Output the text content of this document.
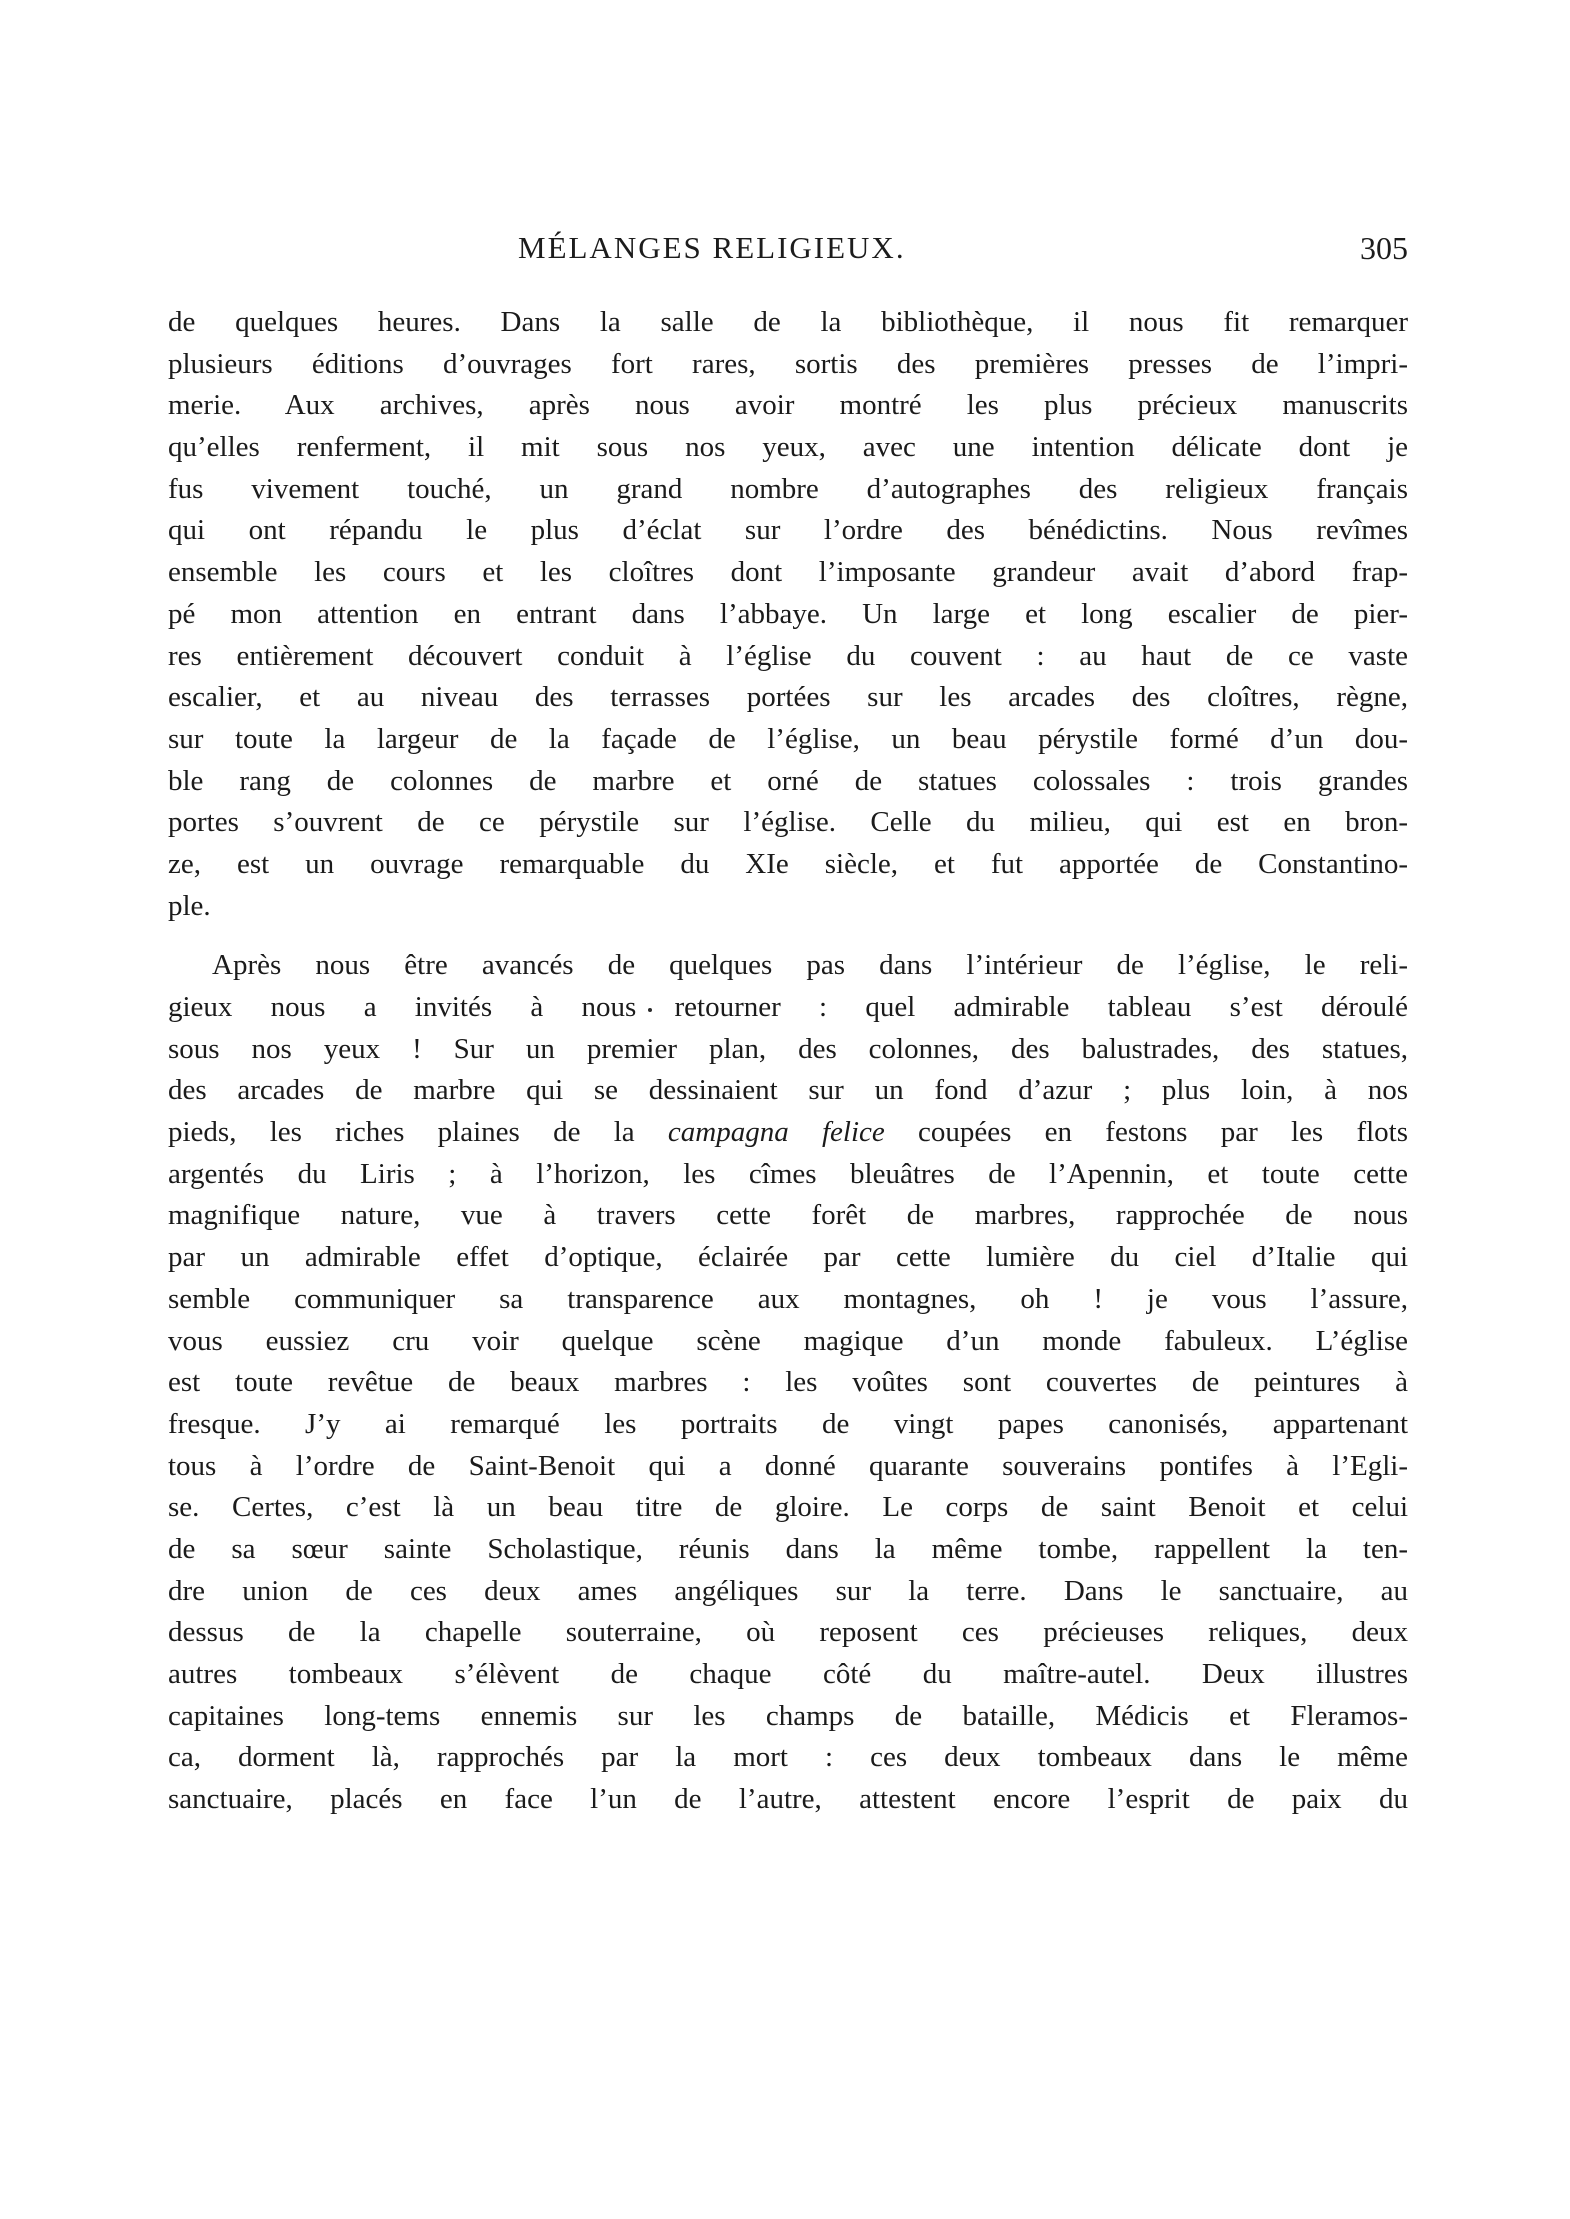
MÉLANGES RELIGIEUX.	305
de quelques heures. Dans la salle de la bibliothèque, il nous fit remarquer
plusieurs éditions d’ouvrages fort rares, sortis des premières presses de l’impri-
merie. Aux archives, après nous avoir montré les plus précieux manuscrits
qu’elles renferment, il mit sous nos yeux, avec une intention délicate dont je
fus vivement touché, un grand nombre d’autographes des religieux français
qui ont répandu le plus d’éclat sur l’ordre des bénédictins. Nous revîmes
ensemble les cours et les cloîtres dont l’imposante grandeur avait d’abord frap-
pé mon attention en entrant dans l’abbaye. Un large et long escalier de pier-
res entièrement découvert conduit à l’église du couvent : au haut de ce vaste
escalier, et au niveau des terrasses portées sur les arcades des cloîtres, règne,
sur toute la largeur de la façade de l’église, un beau pérystile formé d’un dou-
ble rang de colonnes de marbre et orné de statues colossales : trois grandes
portes s’ouvrent de ce pérystile sur l’église. Celle du milieu, qui est en bron-
ze, est un ouvrage remarquable du XIe siècle, et fut apportée de Constantino-
ple.
Après nous être avancés de quelques pas dans l’intérieur de l’église, le reli-
gieux nous a invités à nous retourner : quel admirable tableau s’est déroulé
sous nos yeux ! Sur un premier plan, des colonnes, des balustrades, des statues,
des arcades de marbre qui se dessinaient sur un fond d’azur ; plus loin, à nos
pieds, les riches plaines de la campagna felice coupées en festons par les flots
argentés du Liris ; à l’horizon, les cîmes bleuâtres de l’Apennin, et toute cette
magnifique nature, vue à travers cette forêt de marbres, rapprochée de nous
par un admirable effet d’optique, éclairée par cette lumière du ciel d’Italie qui
semble communiquer sa transparence aux montagnes, oh ! je vous l’assure,
vous eussiez cru voir quelque scène magique d’un monde fabuleux. L’église
est toute revêtue de beaux marbres : les voûtes sont couvertes de peintures à
fresque. J’y ai remarqué les portraits de vingt papes canonisés, appartenant
tous à l’ordre de Saint-Benoit qui a donné quarante souverains pontifes à l’Egli-
se. Certes, c’est là un beau titre de gloire. Le corps de saint Benoit et celui
de sa sœur sainte Scholastique, réunis dans la même tombe, rappellent la ten-
dre union de ces deux ames angéliques sur la terre. Dans le sanctuaire, au
dessus de la chapelle souterraine, où reposent ces précieuses reliques, deux
autres tombeaux s’élèvent de chaque côté du maître-autel. Deux illustres
capitaines long-tems ennemis sur les champs de bataille, Médicis et Fleramos-
ca, dorment là, rapprochés par la mort : ces deux tombeaux dans le même
sanctuaire, placés en face l’un de l’autre, attestent encore l’esprit de paix du
